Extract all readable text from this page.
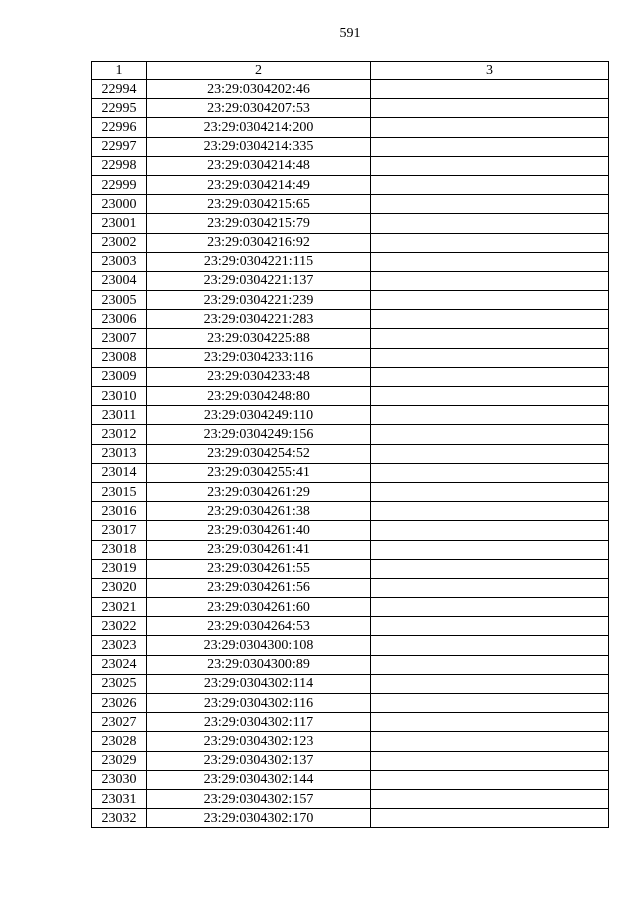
591
1	2	3
22994	23:29:0304202:46	
22995	23:29:0304207:53	
22996	23:29:0304214:200	
22997	23:29:0304214:335	
22998	23:29:0304214:48	
22999	23:29:0304214:49	
23000	23:29:0304215:65	
23001	23:29:0304215:79	
23002	23:29:0304216:92	
23003	23:29:0304221:115	
23004	23:29:0304221:137	
23005	23:29:0304221:239	
23006	23:29:0304221:283	
23007	23:29:0304225:88	
23008	23:29:0304233:116	
23009	23:29:0304233:48	
23010	23:29:0304248:80	
23011	23:29:0304249:110	
23012	23:29:0304249:156	
23013	23:29:0304254:52	
23014	23:29:0304255:41	
23015	23:29:0304261:29	
23016	23:29:0304261:38	
23017	23:29:0304261:40	
23018	23:29:0304261:41	
23019	23:29:0304261:55	
23020	23:29:0304261:56	
23021	23:29:0304261:60	
23022	23:29:0304264:53	
23023	23:29:0304300:108	
23024	23:29:0304300:89	
23025	23:29:0304302:114	
23026	23:29:0304302:116	
23027	23:29:0304302:117	
23028	23:29:0304302:123	
23029	23:29:0304302:137	
23030	23:29:0304302:144	
23031	23:29:0304302:157	
23032	23:29:0304302:170	
